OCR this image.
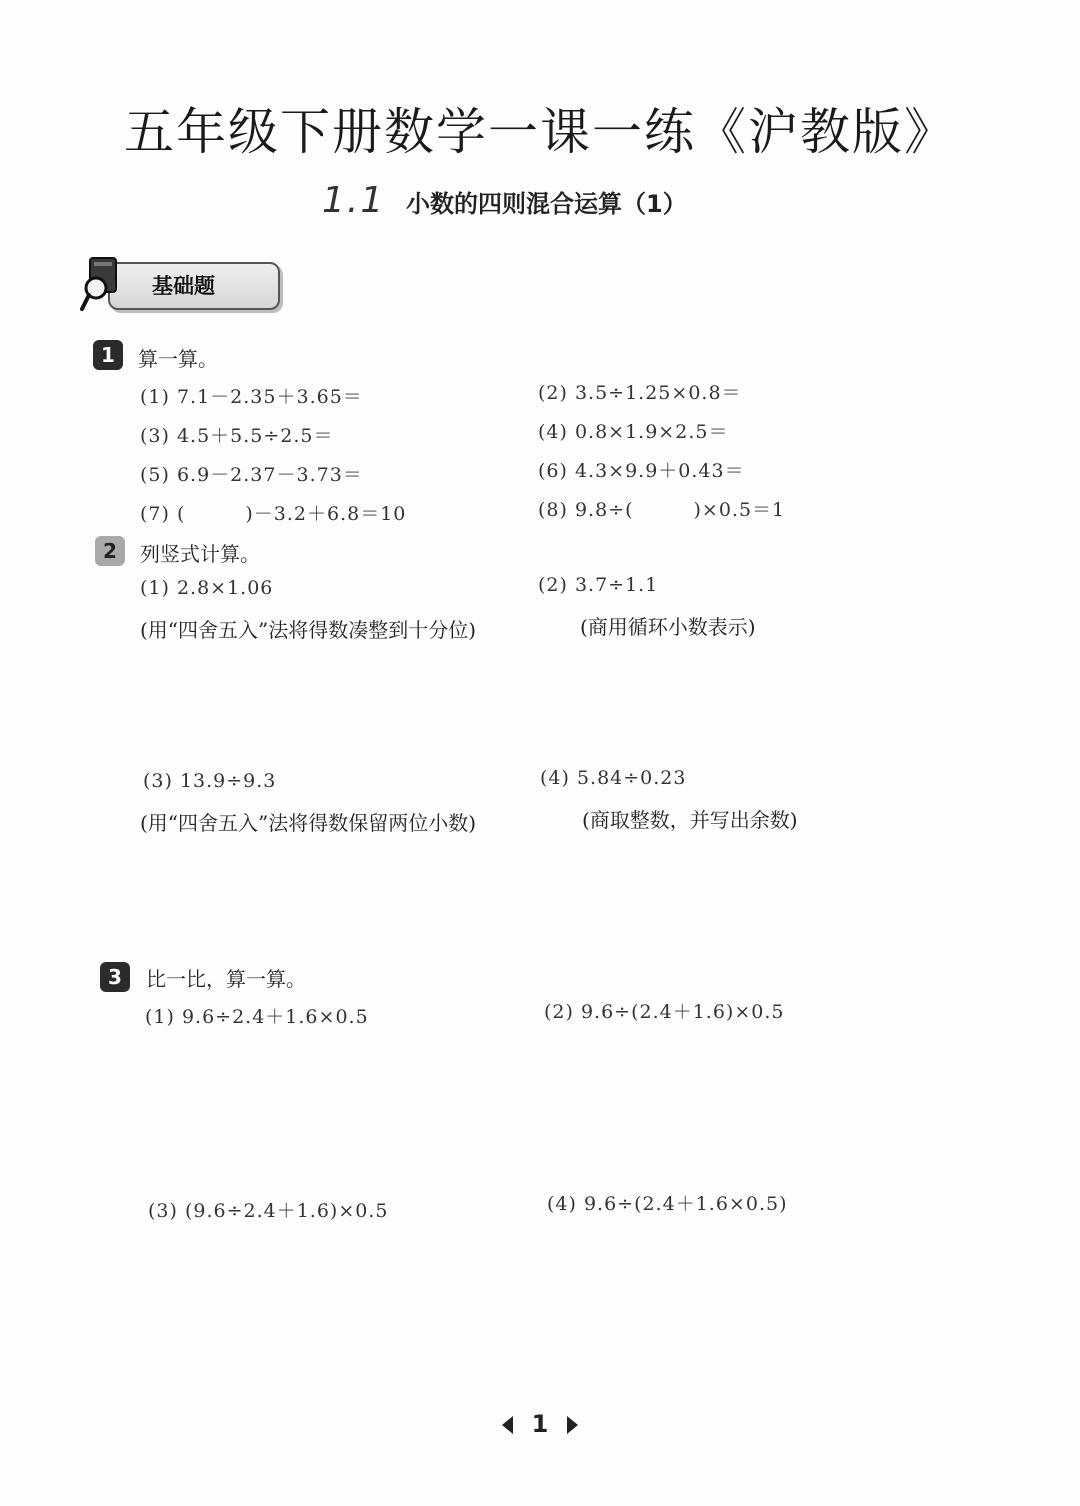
五年级下册数学一课一练《沪教版》
1.1 小数的四则混合运算（1）
基础题
1	算一算。
(1) 7.1－2.35＋3.65＝	(2) 3.5÷1.25×0.8＝
(3) 4.5＋5.5÷2.5＝	(4) 0.8×1.9×2.5＝
(5) 6.9－2.37－3.73＝	(6) 4.3×9.9＋0.43＝
(7) (　　　)－3.2＋6.8＝10	(8) 9.8÷(　　　)×0.5＝1
2	列竖式计算。
(1) 2.8×1.06
(用“四舍五入”法将得数凑整到十分位)
(2) 3.7÷1.1
(商用循环小数表示)
(3) 13.9÷9.3
(用“四舍五入”法将得数保留两位小数)
(4) 5.84÷0.23
(商取整数，并写出余数)
3	比一比，算一算。
(1) 9.6÷2.4＋1.6×0.5	(2) 9.6÷(2.4＋1.6)×0.5
(3) (9.6÷2.4＋1.6)×0.5	(4) 9.6÷(2.4＋1.6×0.5)
1
